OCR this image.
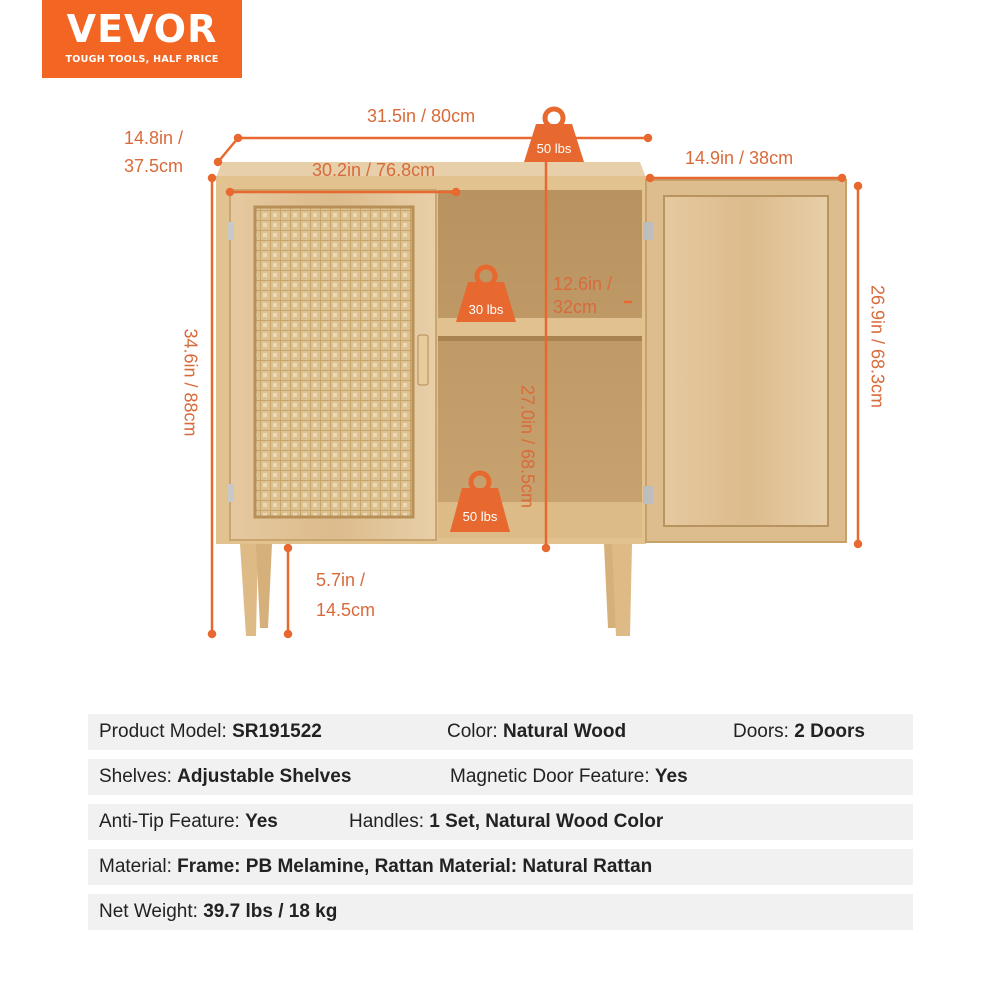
VEVOR
TOUGH TOOLS, HALF PRICE
50 lbs
30 lbs
50 lbs
31.5in / 80cm
30.2in / 76.8cm
14.8in /
37.5cm	14.9in / 38cm
12.6in /
32cm
5.7in /
14.5cm
34.6in / 88cm	26.9in / 68.3cm
27.0in / 68.5cm
Product Model: SR191522	Color: Natural Wood	Doors: 2 Doors
Shelves: Adjustable Shelves	Magnetic Door Feature: Yes
Anti-Tip Feature: Yes	Handles: 1 Set, Natural Wood Color
Material: Frame: PB Melamine, Rattan Material: Natural Rattan
Net Weight: 39.7 lbs / 18 kg
